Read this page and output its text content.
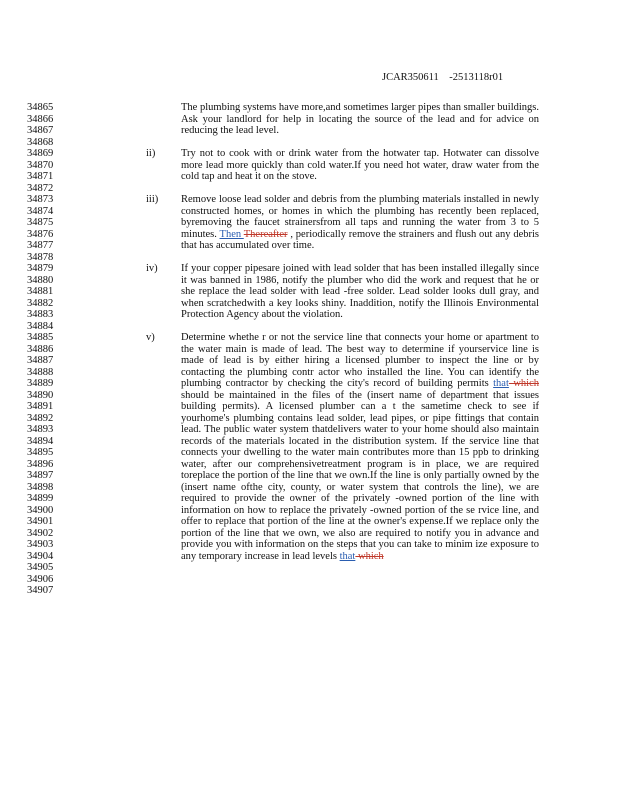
JCAR350611 -2513118r01
34865
34866
34867
34868
34869
34870
34871
34872
34873
34874
34875
34876
34877
34878
34879
34880
34881
34882
34883
34884
34885
34886
34887
34888
34889
34890
34891
34892
34893
34894
34895
34896
34897
34898
34899
34900
34901
34902
34903
34904
34905
34906
34907
The plumbing systems have more,and sometimes larger pipes than smaller buildings. Ask your landlord for help in locating the source of the lead and for advice on reducing the lead level.
ii) Try not to cook with or drink water from the hotwater tap. Hotwater can dissolve more lead more quickly than cold water.If you need hot water, draw water from the cold tap and heat it on the stove.
iii) Remove loose lead solder and debris from the plumbing materials installed in newly constructed homes, or homes in which the plumbing has recently been replaced, byremoving the faucet strainersfrom all taps and running the water from 3 to 5 minutes. Then Thereafter , periodically remove the strainers and flush out any debris that has accumulated over time.
iv) If your copper pipesare joined with lead solder that has been installed illegally since it was banned in 1986, notify the plumber who did the work and request that he or she replace the lead solder with lead -free solder. Lead solder looks dull gray, and when scratchedwith a key looks shiny. Inaddition, notify the Illinois Environmental Protection Agency about the violation.
v)	Determine whethe r or not the service line that connects your home or apartment to the water main is made of lead. The best way to determine if yourservice line is made of lead is by either hiring a licensed plumber to inspect the line or by contacting the plumbing contr actor who installed the line. You can identify the plumbing contractor by checking the city's record of building permits that which should be maintained in the files of the (insert name of department that issues building permits). A licensed plumber can a t the sametime check to see if yourhome's plumbing contains lead solder, lead pipes, or pipe fittings that contain lead. The public water system thatdelivers water to your home should also maintain records of the materials located in the distribution system. If the service line that connects your dwelling to the water main contributes more than 15 ppb to drinking water, after our comprehensivetreatment program is in place, we are required toreplace the portion of the line that we own.If the line is only partially owned by the (insert name ofthe city, county, or water system that controls the line), we are required to provide the owner of the privately -owned portion of the line with information on how to replace the privately -owned portion of the se rvice line, and offer to replace that portion of the line at the owner's expense.If we replace only the portion of the line that we own, we also are required to notify you in advance and provide you with information on the steps that you can take to minim ize exposure to any temporary increase in lead levels that which
